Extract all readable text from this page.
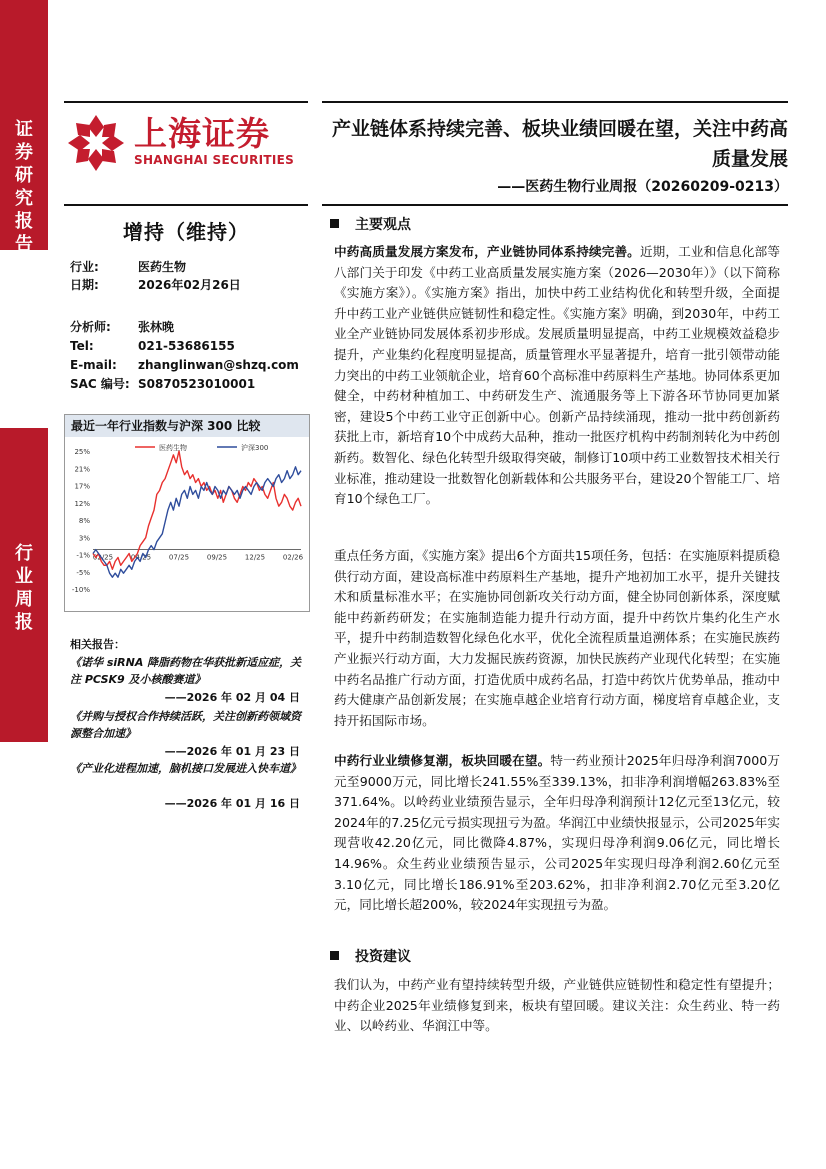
证
券
研
究
报
告
行
业
周
报
上海证券
SHANGHAI SECURITIES
产业链体系持续完善、板块业绩回暖在望，关注中药高质量发展
——医药生物行业周报（20260209-0213）
增持（维持）
行业:	医药生物
日期:	2026年02月26日
分析师: 张林晚
Tel:	021-53686155
E-mail: zhanglinwan@shzq.com
SAC 编号: S0870523010001
最近一年行业指数与沪深 300 比较
25%
21%
17%
12%
8%
3%
-1%
-5%
-10%
02/25	04/25	07/25	09/25	12/25	02/26
医药生物	沪深300
相关报告：
《诺华 siRNA 降脂药物在华获批新适应症，关注 PCSK9 及小核酸赛道》
——2026 年 02 月 04 日
《并购与授权合作持续活跃，关注创新药领域资源整合加速》
——2026 年 01 月 23 日
《产业化进程加速，脑机接口发展进入快车道》
——2026 年 01 月 16 日
主要观点

中药高质量发展方案发布，产业链协同体系持续完善。近期，工业和信息化部等八部门关于印发《中药工业高质量发展实施方案（2026—2030年）》（以下简称《实施方案》）。《实施方案》指出，加快中药工业结构优化和转型升级，全面提升中药工业产业链供应链韧性和稳定性。《实施方案》明确，到2030年，中药工业全产业链协同发展体系初步形成。发展质量明显提高，中药工业规模效益稳步提升，产业集约化程度明显提高，质量管理水平显著提升，培育一批引领带动能力突出的中药工业领航企业，培育60个高标准中药原料生产基地。协同体系更加健全，中药材种植加工、中药研发生产、流通服务等上下游各环节协同更加紧密，建设5个中药工业守正创新中心。创新产品持续涌现，推动一批中药创新药获批上市，新培育10个中成药大品种，推动一批医疗机构中药制剂转化为中药创新药。数智化、绿色化转型升级取得突破，制修订10项中药工业数智技术相关行业标准，推动建设一批数智化创新载体和公共服务平台，建设20个智能工厂、培育10个绿色工厂。

重点任务方面，《实施方案》提出6个方面共15项任务，包括：在实施原料提质稳供行动方面，建设高标准中药原料生产基地，提升产地初加工水平，提升关键技术和质量标准水平；在实施协同创新攻关行动方面，健全协同创新体系，深度赋能中药新药研发；在实施制造能力提升行动方面，提升中药饮片集约化生产水平，提升中药制造数智化绿色化水平，优化全流程质量追溯体系；在实施民族药产业振兴行动方面，大力发掘民族药资源，加快民族药产业现代化转型；在实施中药名品推广行动方面，打造优质中成药名品，打造中药饮片优势单品，推动中药大健康产品创新发展；在实施卓越企业培育行动方面，梯度培育卓越企业，支持开拓国际市场。

中药行业业绩修复潮，板块回暖在望。特一药业预计2025年归母净利润7000万元至9000万元，同比增长241.55%至339.13%，扣非净利润增幅263.83%至371.64%。以岭药业业绩预告显示，全年归母净利润预计12亿元至13亿元，较2024年的7.25亿元亏损实现扭亏为盈。华润江中业绩快报显示，公司2025年实现营收42.20亿元，同比微降4.87%，实现归母净利润9.06亿元，同比增长14.96%。众生药业业绩预告显示，公司2025年实现归母净利润2.60亿元至3.10亿元，同比增长186.91%至203.62%，扣非净利润2.70亿元至3.20亿元，同比增长超200%，较2024年实现扭亏为盈。

投资建议

我们认为，中药产业有望持续转型升级，产业链供应链韧性和稳定性有望提升；中药企业2025年业绩修复到来，板块有望回暖。建议关注：众生药业、特一药业、以岭药业、华润江中等。
